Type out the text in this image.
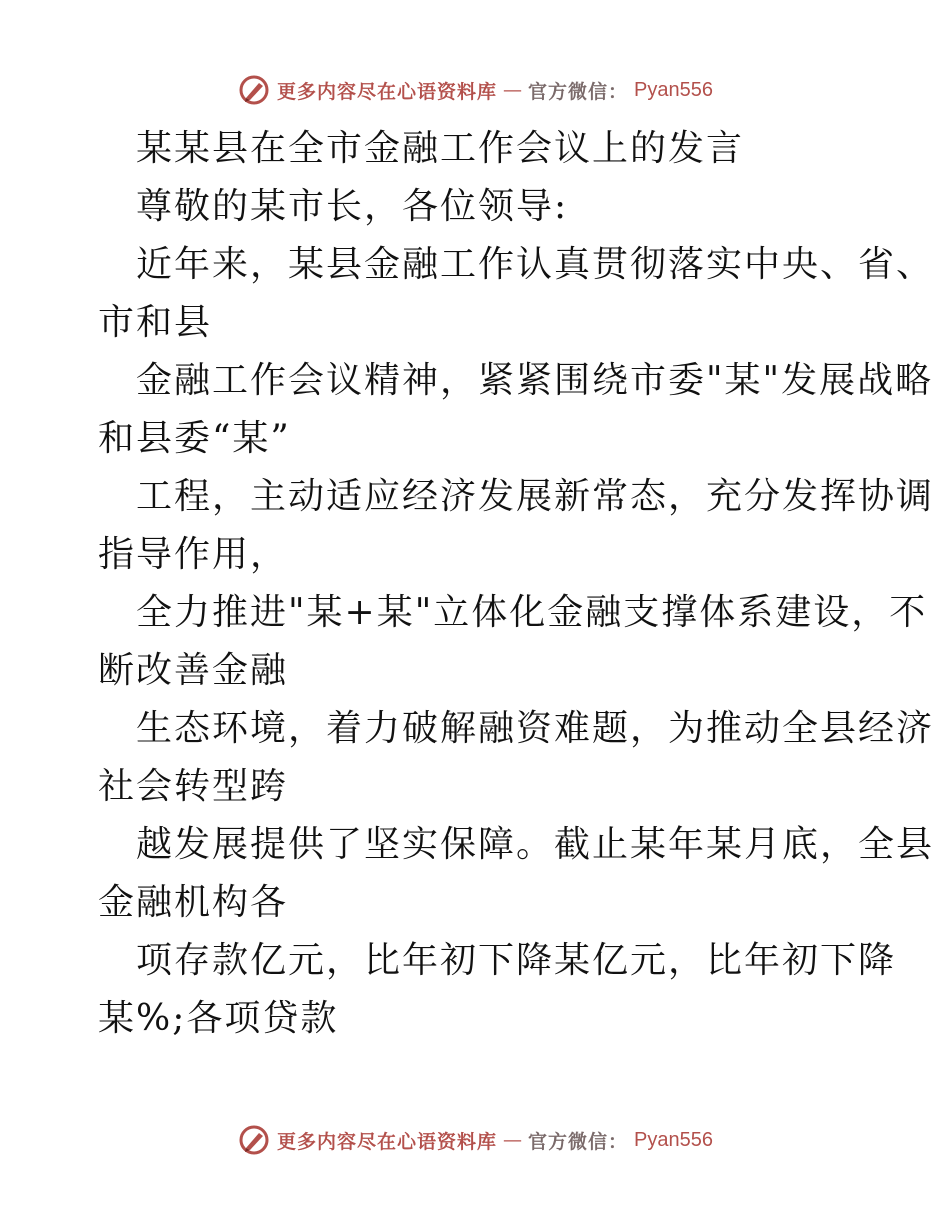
更多内容尽在心语资料库 — 官方微信： Pyan556
某某县在全市金融工作会议上的发言
尊敬的某市长，各位领导:
近年来，某县金融工作认真贯彻落实中央、省、
市和县
金融工作会议精神，紧紧围绕市委"某"发展战略
和县委“某”
工程，主动适应经济发展新常态，充分发挥协调
指导作用，
全力推进"某+某"立体化金融支撑体系建设，不
断改善金融
生态环境，着力破解融资难题，为推动全县经济
社会转型跨
越发展提供了坚实保障。截止某年某月底，全县
金融机构各
项存款亿元，比年初下降某亿元，比年初下降
某%;各项贷款
更多内容尽在心语资料库 — 官方微信： Pyan556
